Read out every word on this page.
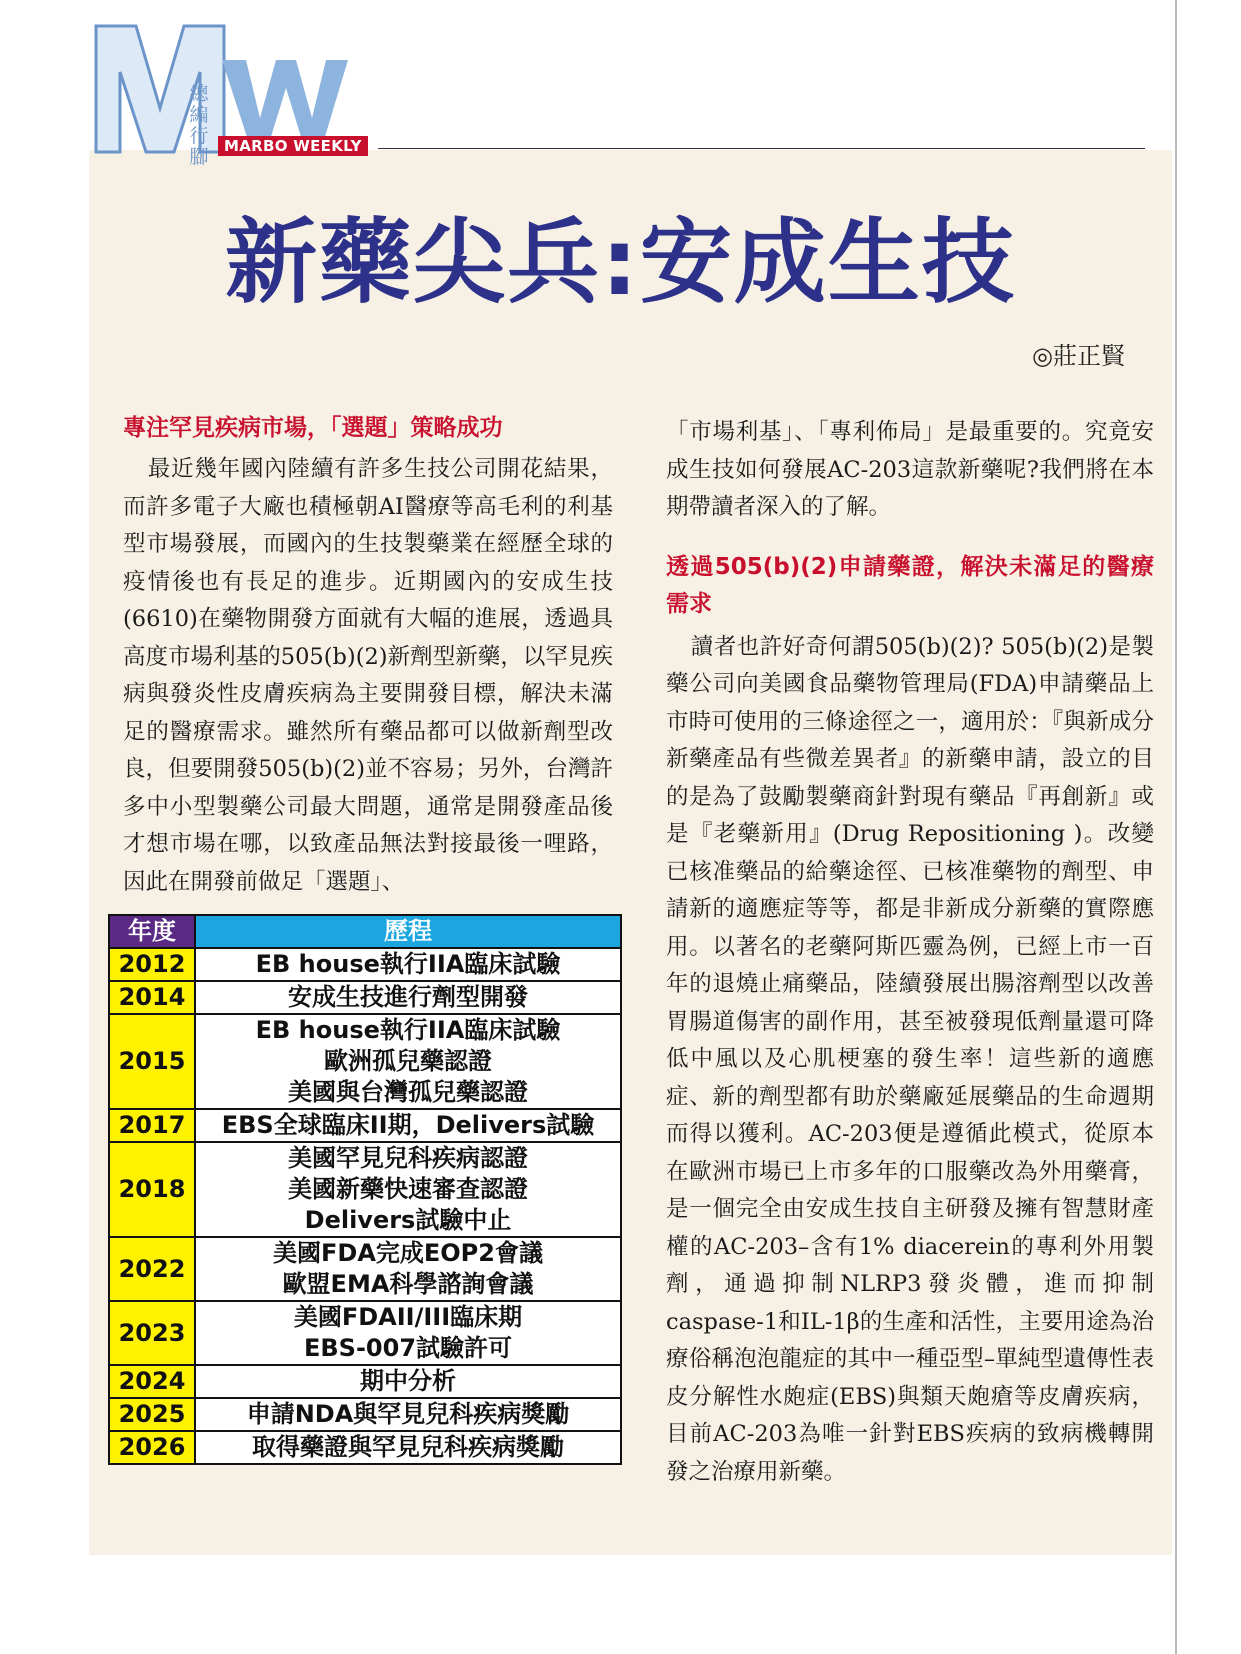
總
編
行
腳	MARBO WEEKLY
新藥尖兵:安成生技
◎莊正賢

專注罕見疾病市場，「選題」策略成功

最近幾年國內陸續有許多生技公司開花結果，而許多電子大廠也積極朝AI醫療等高毛利的利基型市場發展，而國內的生技製藥業在經歷全球的疫情後也有長足的進步。近期國內的安成生技(6610)在藥物開發方面就有大幅的進展，透過具高度市場利基的505(b)(2)新劑型新藥，以罕見疾病與發炎性皮膚疾病為主要開發目標，解決未滿足的醫療需求。雖然所有藥品都可以做新劑型改良，但要開發505(b)(2)並不容易；另外，台灣許多中小型製藥公司最大問題，通常是開發產品後才想市場在哪，以致產品無法對接最後一哩路，因此在開發前做足「選題」、

「市場利基」、「專利佈局」是最重要的。究竟安成生技如何發展AC-203這款新藥呢?我們將在本期帶讀者深入的了解。

透過505(b)(2)申請藥證，解決未滿足的醫療需求

讀者也許好奇何謂505(b)(2)? 505(b)(2)是製藥公司向美國食品藥物管理局(FDA)申請藥品上市時可使用的三條途徑之一，適用於：『與新成分新藥產品有些微差異者』的新藥申請，設立的目的是為了鼓勵製藥商針對現有藥品『再創新』或是『老藥新用』(Drug Repositioning )。改變已核准藥品的給藥途徑、已核准藥物的劑型、申請新的適應症等等，都是非新成分新藥的實際應用。以著名的老藥阿斯匹靈為例，已經上市一百年的退燒止痛藥品，陸續發展出腸溶劑型以改善胃腸道傷害的副作用，甚至被發現低劑量還可降低中風以及心肌梗塞的發生率！這些新的適應症、新的劑型都有助於藥廠延展藥品的生命週期而得以獲利。AC-203便是遵循此模式，從原本在歐洲市場已上市多年的口服藥改為外用藥膏，是一個完全由安成生技自主研發及擁有智慧財產權的AC-203–含有1% diacerein的專利外用製劑，通過抑制NLRP3發炎體，進而抑制caspase-1和IL-1β的生產和活性，主要用途為治療俗稱泡泡龍症的其中一種亞型–單純型遺傳性表皮分解性水皰症(EBS)與類天皰瘡等皮膚疾病，目前AC-203為唯一針對EBS疾病的致病機轉開發之治療用新藥。

年度	歷程
2012	EB house執行IIA臨床試驗

2014	安成生技進行劑型開發

2015	EB house執行IIA臨床試驗
歐洲孤兒藥認證
美國與台灣孤兒藥認證

2017	EBS全球臨床II期，Delivers試驗

2018	美國罕見兒科疾病認證
美國新藥快速審查認證
Delivers試驗中止

2022	美國FDA完成EOP2會議
歐盟EMA科學諮詢會議

2023	美國FDAII/III臨床期
EBS-007試驗許可

2024	期中分析

2025	申請NDA與罕見兒科疾病獎勵

2026	取得藥證與罕見兒科疾病獎勵
